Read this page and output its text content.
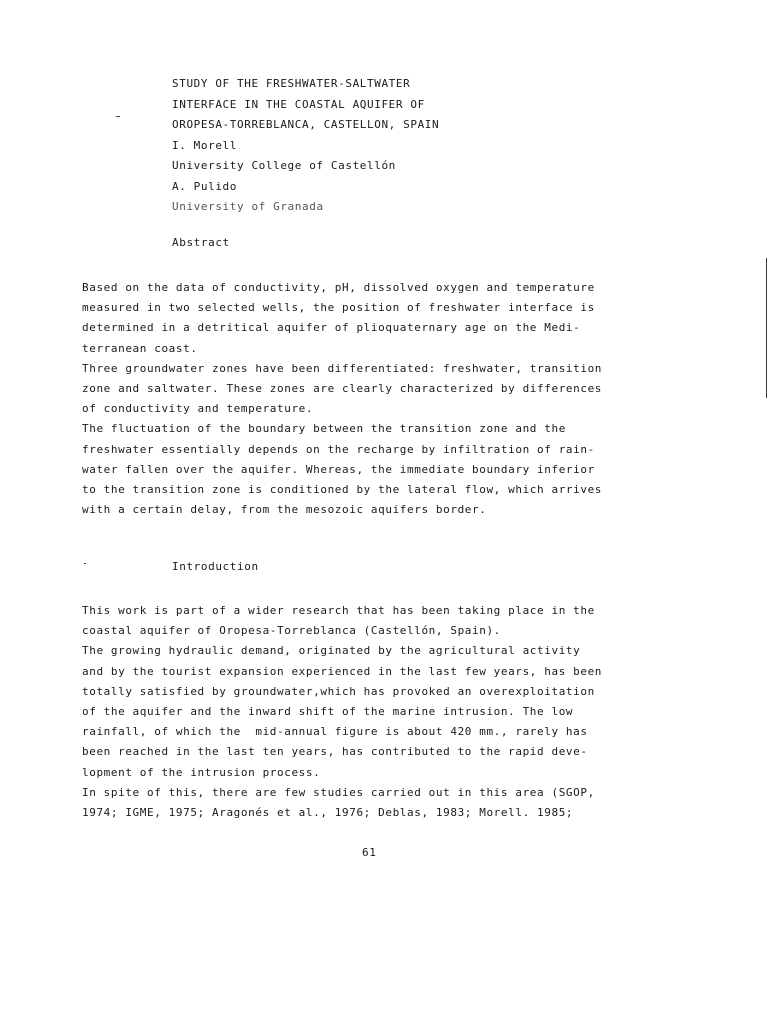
STUDY OF THE FRESHWATER-SALTWATER
INTERFACE IN THE COASTAL AQUIFER OF
OROPESA-TORREBLANCA, CASTELLON, SPAIN
I. Morell
University College of Castellón
A. Pulido
University of Granada
Abstract
Based on the data of conductivity, pH, dissolved oxygen and temperature
measured in two selected wells, the position of freshwater interface is
determined in a detritical aquifer of plioquaternary age on the Medi-
terranean coast.
Three groundwater zones have been differentiated: freshwater, transition
zone and saltwater. These zones are clearly characterized by differences
of conductivity and temperature.
The fluctuation of the boundary between the transition zone and the
freshwater essentially depends on the recharge by infiltration of rain-
water fallen over the aquifer. Whereas, the immediate boundary inferior
to the transition zone is conditioned by the lateral flow, which arrives
with a certain delay, from the mesozoic aquifers border.
Introduction
This work is part of a wider research that has been taking place in the
coastal aquifer of Oropesa-Torreblanca (Castellón, Spain).
The growing hydraulic demand, originated by the agricultural activity
and by the tourist expansion experienced in the last few years, has been
totally satisfied by groundwater,which has provoked an overexploitation
of the aquifer and the inward shift of the marine intrusion. The low
rainfall, of which the  mid-annual figure is about 420 mm., rarely has
been reached in the last ten years, has contributed to the rapid deve-
lopment of the intrusion process.
In spite of this, there are few studies carried out in this area (SGOP,
1974; IGME, 1975; Aragonés et al., 1976; Deblas, 1983; Morell. 1985;
61
